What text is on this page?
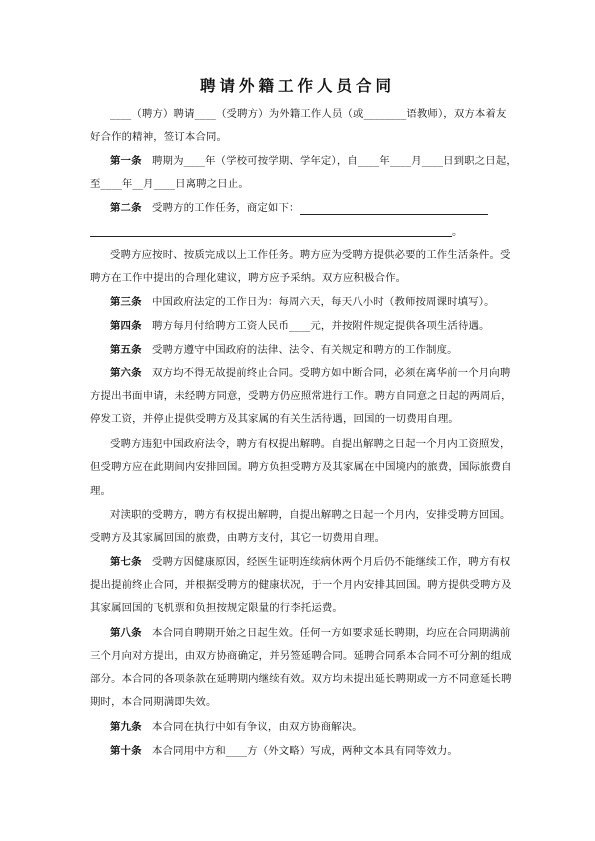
聘请外籍工作人员合同
____（聘方）聘请____（受聘方）为外籍工作人员（或________语教师），双方本着友
好合作的精神，签订本合同。
第一条 聘期为____年（学校可按学期、学年定），自____年____月____日到职之日起，
至____年__月____日离聘之日止。
第二条 受聘方的工作任务，商定如下：
。
受聘方应按时、按质完成以上工作任务。聘方应为受聘方提供必要的工作生活条件。受
聘方在工作中提出的合理化建议，聘方应予采纳。双方应积极合作。
第三条 中国政府法定的工作日为：每周六天，每天八小时（教师按周课时填写）。
第四条 聘方每月付给聘方工资人民币____元，并按附件规定提供各项生活待遇。
第五条 受聘方遵守中国政府的法律、法令、有关规定和聘方的工作制度。
第六条 双方均不得无故提前终止合同。受聘方如中断合同，必须在离华前一个月向聘
方提出书面申请，未经聘方同意，受聘方仍应照常进行工作。聘方自同意之日起的两周后，
停发工资，并停止提供受聘方及其家属的有关生活待遇，回国的一切费用自理。
受聘方违犯中国政府法令，聘方有权提出解聘。自提出解聘之日起一个月内工资照发，
但受聘方应在此期间内安排回国。聘方负担受聘方及其家属在中国境内的旅费，国际旅费自
理。
对渎职的受聘方，聘方有权提出解聘，自提出解聘之日起一个月内，安排受聘方回国。
受聘方及其家属回国的旅费，由聘方支付，其它一切费用自理。
第七条 受聘方因健康原因，经医生证明连续病休两个月后仍不能继续工作，聘方有权
提出提前终止合同，并根据受聘方的健康状况，于一个月内安排其回国。聘方提供受聘方及
其家属回国的飞机票和负担按规定限量的行李托运费。
第八条 本合同自聘期开始之日起生效。任何一方如要求延长聘期，均应在合同期满前
三个月向对方提出，由双方协商确定，并另签延聘合同。延聘合同系本合同不可分割的组成
部分。本合同的各项条款在延聘期内继续有效。双方均未提出延长聘期或一方不同意延长聘
期时，本合同期满即失效。
第九条 本合同在执行中如有争议，由双方协商解决。
第十条 本合同用中方和____方（外文略）写成，两种文本具有同等效力。
